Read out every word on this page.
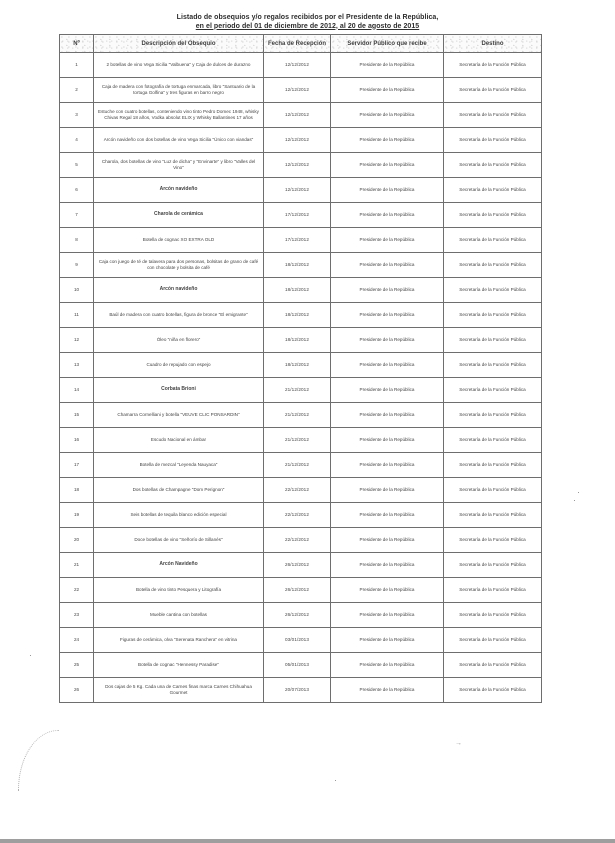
Listado de obsequios y/o regalos recibidos por el Presidente de la República,
en el periodo del 01 de diciembre de 2012, al 20 de agosto de 2015
Nº	Descripción del Obsequio	Fecha de Recepción	Servidor Público que recibe	Destino
1	2 botellas de vino Vega Sicilia "Valbuena" y Caja de dulces de durazno	12/12/2012	Presidente de la República	Secretaría de la Función Pública
2	Caja de madera con fotografía de tortuga enmarcada, libro "Santuario de la tortuga Golfina" y tres figuras en barro negro	12/12/2012	Presidente de la República	Secretaría de la Función Pública
3	Estuche con cuatro botellas, conteniendo vino tinto Pedro Domec 1948, whisky Chivas Regal 18 años, Vodka absolut ELIX y Whisky Ballantines 17 años	12/12/2012	Presidente de la República	Secretaría de la Función Pública
4	Arcón navideño con dos botellas de vino Vega Sicilia "Único con viandas"	12/12/2012	Presidente de la República	Secretaría de la Función Pública
5	Charola, dos botellas de vino "Luz de dicha" y "Envinarte" y libro "Valles del Vino"	12/12/2012	Presidente de la República	Secretaría de la Función Pública
6	Arcón navideño	12/12/2012	Presidente de la República	Secretaría de la Función Pública
7	Charola de cerámica	17/12/2012	Presidente de la República	Secretaría de la Función Pública
8	Botella de cognac XO EXTRA OLD	17/12/2012	Presidente de la República	Secretaría de la Función Pública
9	Caja con juego de té de talavera para dos personas, bolsitas de grano de café con chocolate y bolsita de café	18/12/2012	Presidente de la República	Secretaría de la Función Pública
10	Arcón navideño	18/12/2012	Presidente de la República	Secretaría de la Función Pública
11	Baúl de madera con cuatro botellas, figura de bronce "El emigrante"	18/12/2012	Presidente de la República	Secretaría de la Función Pública
12	Óleo "niña en florero"	18/12/2012	Presidente de la República	Secretaría de la Función Pública
13	Cuadro de repujado con espejo	18/12/2012	Presidente de la República	Secretaría de la Función Pública
14	Corbata Brioni	21/12/2012	Presidente de la República	Secretaría de la Función Pública
15	Chamarra Cornelliani y botella "VEUVE CLIC PONSARDIN"	21/12/2012	Presidente de la República	Secretaría de la Función Pública
16	Escudo Nacional en ámbar	21/12/2012	Presidente de la República	Secretaría de la Función Pública
17	Botella de mezcal "Leyenda Nauyaca"	21/12/2012	Presidente de la República	Secretaría de la Función Pública
18	Dos botellas de Champagne "Dom Perignon"	22/12/2012	Presidente de la República	Secretaría de la Función Pública
19	Seis botellas de tequila blanco edición especial	22/12/2012	Presidente de la República	Secretaría de la Función Pública
20	Doce botellas de vino "Señorío de Sillanés"	22/12/2012	Presidente de la República	Secretaría de la Función Pública
21	Arcón Navideño	26/12/2012	Presidente de la República	Secretaría de la Función Pública
22	Botella de vino tinto Pesquera y Litografía	26/12/2012	Presidente de la República	Secretaría de la Función Pública
23	Mueble cantina con botellas	26/12/2012	Presidente de la República	Secretaría de la Función Pública
24	Figuras de cerámica, olva "Serenata Ranchera" en vitrina	03/01/2013	Presidente de la República	Secretaría de la Función Pública
25	Botella de cognac "Hennessy Paradise"	05/01/2013	Presidente de la República	Secretaría de la Función Pública
26	Dos cajas de 5 Kg. Cada una de Carnes finas marca Carnes Chihuahua Gourmet	20/07/2013	Presidente de la República	Secretaría de la Función Pública
→
